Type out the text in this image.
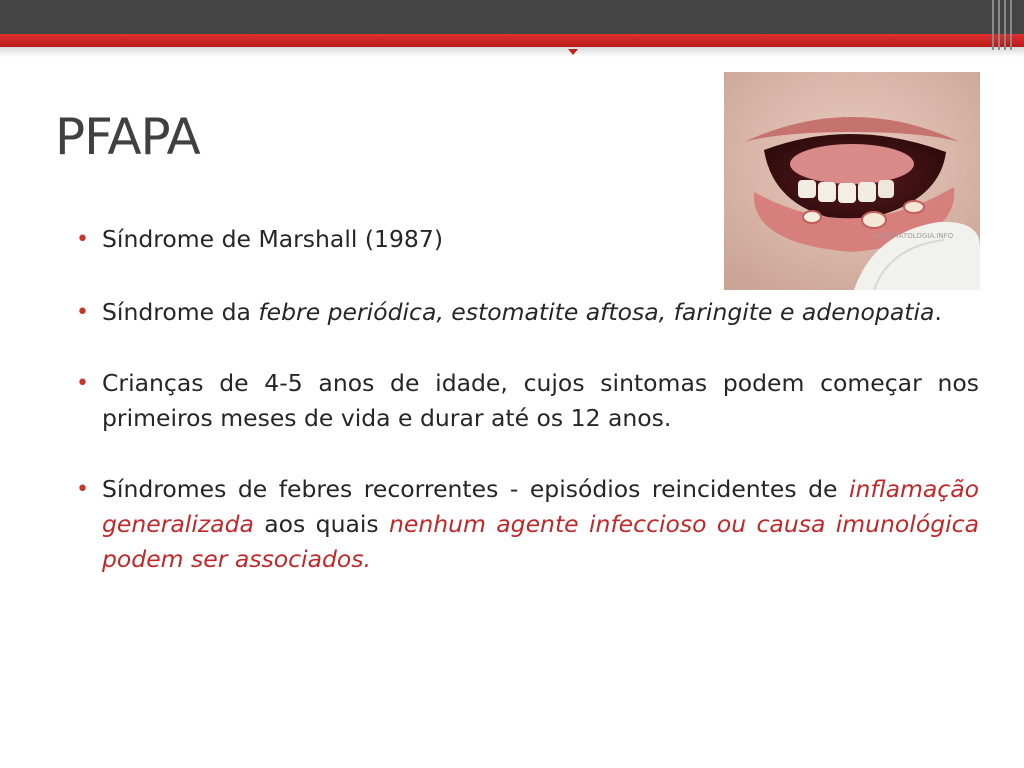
ESTOMATOLOGIA.INFO
PFAPA
• Síndrome de Marshall (1987)
• Síndrome da febre periódica, estomatite aftosa, faringite e adenopatia.
• Crianças de 4-5 anos de idade, cujos sintomas podem começar nos primeiros meses de vida e durar até os 12 anos.
• Síndromes de febres recorrentes - episódios reincidentes de inflamação generalizada aos quais nenhum agente infeccioso ou causa imunológica podem ser associados.
